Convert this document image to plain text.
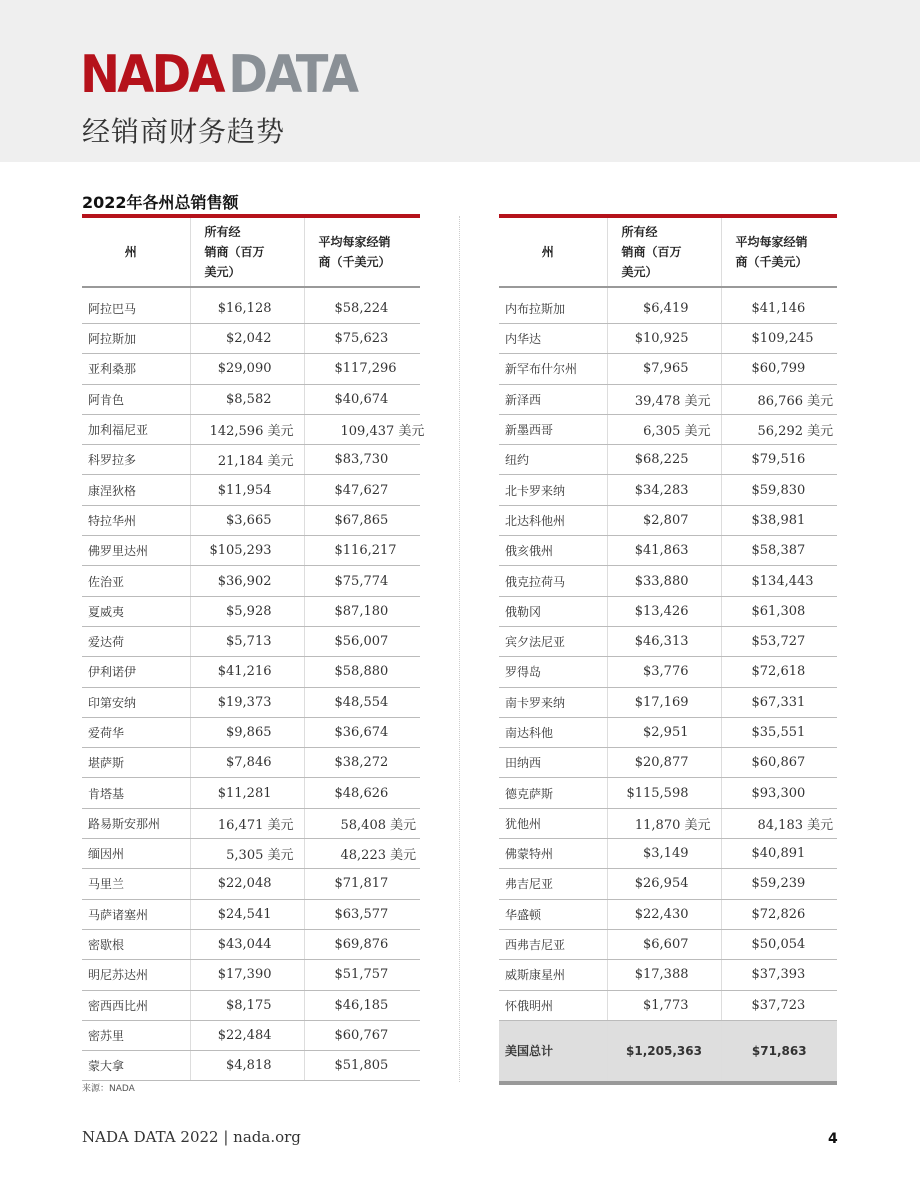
NADA DATA
经销商财务趋势
2022年各州总销售额
州	所有经
销商（百万
美元）	平均每家经销
商（千美元）
阿拉巴马	$16,128	$58,224
阿拉斯加	$2,042	$75,623
亚利桑那	$29,090	$117,296
阿肯色	$8,582	$40,674
加利福尼亚	142,596 美元	109,437 美元
科罗拉多	21,184 美元	$83,730
康涅狄格	$11,954	$47,627
特拉华州	$3,665	$67,865
佛罗里达州	$105,293	$116,217
佐治亚	$36,902	$75,774
夏威夷	$5,928	$87,180
爱达荷	$5,713	$56,007
伊利诺伊	$41,216	$58,880
印第安纳	$19,373	$48,554
爱荷华	$9,865	$36,674
堪萨斯	$7,846	$38,272
肯塔基	$11,281	$48,626
路易斯安那州	16,471 美元	58,408 美元
缅因州	5,305 美元	48,223 美元
马里兰	$22,048	$71,817
马萨诸塞州	$24,541	$63,577
密歇根	$43,044	$69,876
明尼苏达州	$17,390	$51,757
密西西比州	$8,175	$46,185
密苏里	$22,484	$60,767
蒙大拿	$4,818	$51,805
州	所有经
销商（百万
美元）	平均每家经销
商（千美元）
内布拉斯加	$6,419	$41,146
内华达	$10,925	$109,245
新罕布什尔州	$7,965	$60,799
新泽西	39,478 美元	86,766 美元
新墨西哥	6,305 美元	56,292 美元
纽约	$68,225	$79,516
北卡罗来纳	$34,283	$59,830
北达科他州	$2,807	$38,981
俄亥俄州	$41,863	$58,387
俄克拉荷马	$33,880	$134,443
俄勒冈	$13,426	$61,308
宾夕法尼亚	$46,313	$53,727
罗得岛	$3,776	$72,618
南卡罗来纳	$17,169	$67,331
南达科他	$2,951	$35,551
田纳西	$20,877	$60,867
德克萨斯	$115,598	$93,300
犹他州	11,870 美元	84,183 美元
佛蒙特州	$3,149	$40,891
弗吉尼亚	$26,954	$59,239
华盛顿	$22,430	$72,826
西弗吉尼亚	$6,607	$50,054
威斯康星州	$17,388	$37,393
怀俄明州	$1,773	$37,723
美国总计	$1,205,363	$71,863
来源：NADA
NADA DATA 2022 | nada.org	4
